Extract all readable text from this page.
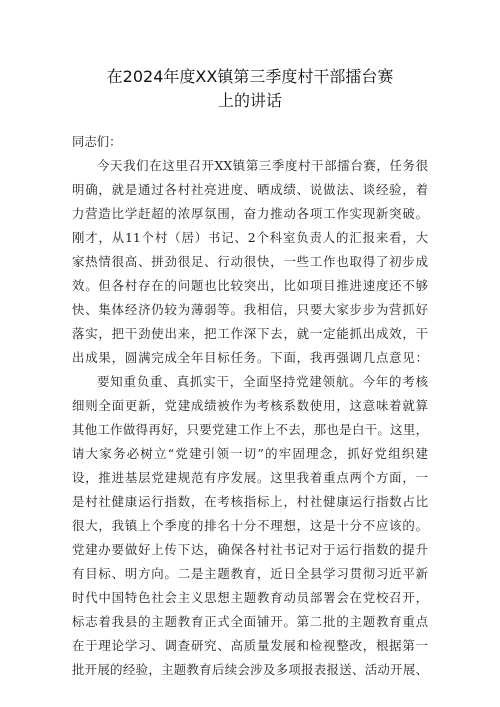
在2024年度XX镇第三季度村干部擂台赛
上的讲话
同志们：
今天我们在这里召开XX镇第三季度村干部擂台赛，任务很
明确，就是通过各村社亮进度、晒成绩、说做法、谈经验，着
力营造比学赶超的浓厚氛围，奋力推动各项工作实现新突破。
刚才，从11个村（居）书记、2个科室负责人的汇报来看，大
家热情很高、拼劲很足、行动很快，一些工作也取得了初步成
效。但各村存在的问题也比较突出，比如项目推进速度还不够
快、集体经济仍较为薄弱等。我相信，只要大家步步为营抓好
落实，把干劲使出来，把工作深下去，就一定能抓出成效，干
出成果，圆满完成全年目标任务。下面，我再强调几点意见：
要知重负重、真抓实干，全面坚持党建领航。今年的考核
细则全面更新，党建成绩被作为考核系数使用，这意味着就算
其他工作做得再好，只要党建工作上不去，那也是白干。这里，
请大家务必树立“党建引领一切”的牢固理念，抓好党组织建
设，推进基层党建规范有序发展。这里我着重点两个方面，一
是村社健康运行指数，在考核指标上，村社健康运行指数占比
很大，我镇上个季度的排名十分不理想，这是十分不应该的。
党建办要做好上传下达，确保各村社书记对于运行指数的提升
有目标、明方向。二是主题教育，近日全县学习贯彻习近平新
时代中国特色社会主义思想主题教育动员部署会在党校召开，
标志着我县的主题教育正式全面铺开。第二批的主题教育重点
在于理论学习、调查研究、高质量发展和检视整改，根据第一
批开展的经验，主题教育后续会涉及多项报表报送、活动开展、
